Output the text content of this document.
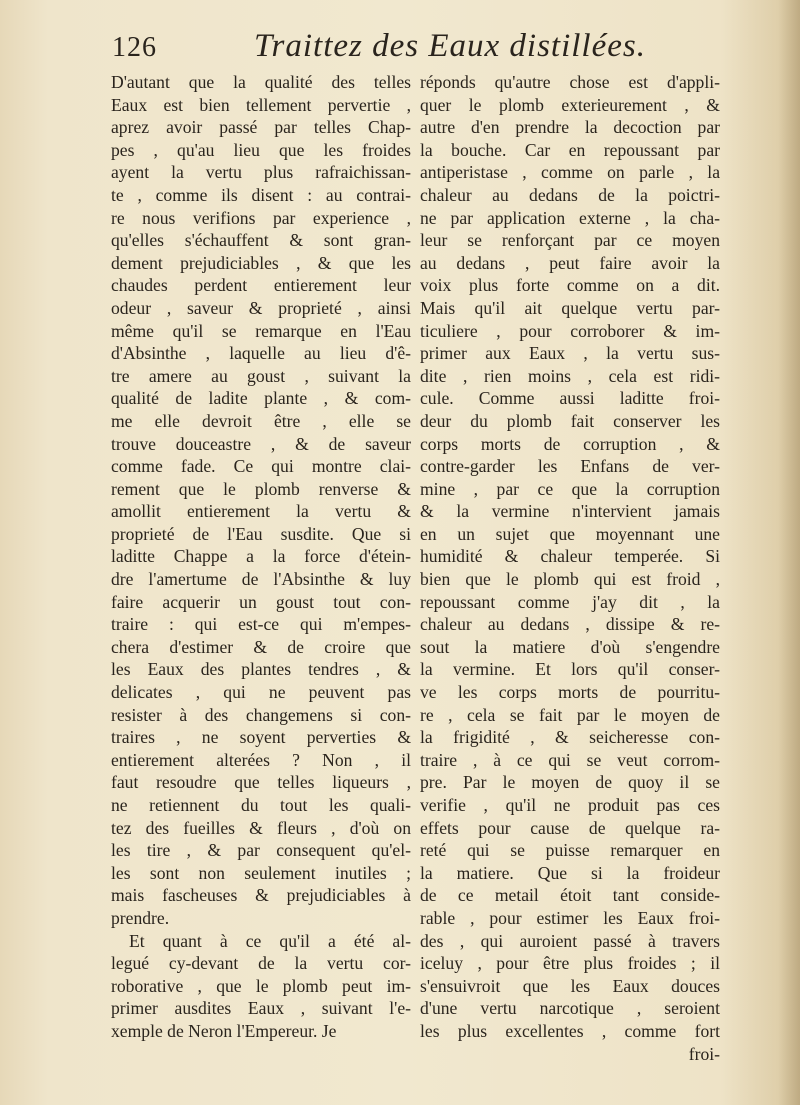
126	Traittez des Eaux distillées.
D'autant que la qualité des telles
Eaux est bien tellement pervertie ,
aprez avoir passé par telles Chap-
pes , qu'au lieu que les froides
ayent la vertu plus rafraichissan-
te , comme ils disent : au contrai-
re nous verifions par experience ,
qu'elles s'échauffent & sont gran-
dement prejudiciables , & que les
chaudes perdent entierement leur
odeur , saveur & proprieté , ainsi
même qu'il se remarque en l'Eau
d'Absinthe , laquelle au lieu d'ê-
tre amere au goust , suivant la
qualité de ladite plante , & com-
me elle devroit être , elle se
trouve douceastre , & de saveur
comme fade. Ce qui montre clai-
rement que le plomb renverse &
amollit entierement la vertu &
proprieté de l'Eau susdite. Que si
laditte Chappe a la force d'étein-
dre l'amertume de l'Absinthe & luy
faire acquerir un goust tout con-
traire : qui est-ce qui m'empes-
chera d'estimer & de croire que
les Eaux des plantes tendres , &
delicates , qui ne peuvent pas
resister à des changemens si con-
traires , ne soyent perverties &
entierement alterées ? Non , il
faut resoudre que telles liqueurs ,
ne retiennent du tout les quali-
tez des fueilles & fleurs , d'où on
les tire , & par consequent qu'el-
les sont non seulement inutiles ;
mais fascheuses & prejudiciables à
prendre.
Et quant à ce qu'il a été al-
legué cy-devant de la vertu cor-
roborative , que le plomb peut im-
primer ausdites Eaux , suivant l'e-
xemple de Neron l'Empereur. Je
réponds qu'autre chose est d'appli-
quer le plomb exterieurement , &
autre d'en prendre la decoction par
la bouche. Car en repoussant par
antiperistase , comme on parle , la
chaleur au dedans de la poictri-
ne par application externe , la cha-
leur se renforçant par ce moyen
au dedans , peut faire avoir la
voix plus forte comme on a dit.
Mais qu'il ait quelque vertu par-
ticuliere , pour corroborer & im-
primer aux Eaux , la vertu sus-
dite , rien moins , cela est ridi-
cule. Comme aussi laditte froi-
deur du plomb fait conserver les
corps morts de corruption , &
contre-garder les Enfans de ver-
mine , par ce que la corruption
& la vermine n'intervient jamais
en un sujet que moyennant une
humidité & chaleur temperée. Si
bien que le plomb qui est froid ,
repoussant comme j'ay dit , la
chaleur au dedans , dissipe & re-
sout la matiere d'où s'engendre
la vermine. Et lors qu'il conser-
ve les corps morts de pourritu-
re , cela se fait par le moyen de
la frigidité , & seicheresse con-
traire , à ce qui se veut corrom-
pre. Par le moyen de quoy il se
verifie , qu'il ne produit pas ces
effets pour cause de quelque ra-
reté qui se puisse remarquer en
la matiere. Que si la froideur
de ce metail étoit tant conside-
rable , pour estimer les Eaux froi-
des , qui auroient passé à travers
iceluy , pour être plus froides ; il
s'ensuivroit que les Eaux douces
d'une vertu narcotique , seroient
les plus excellentes , comme fort
froi-
